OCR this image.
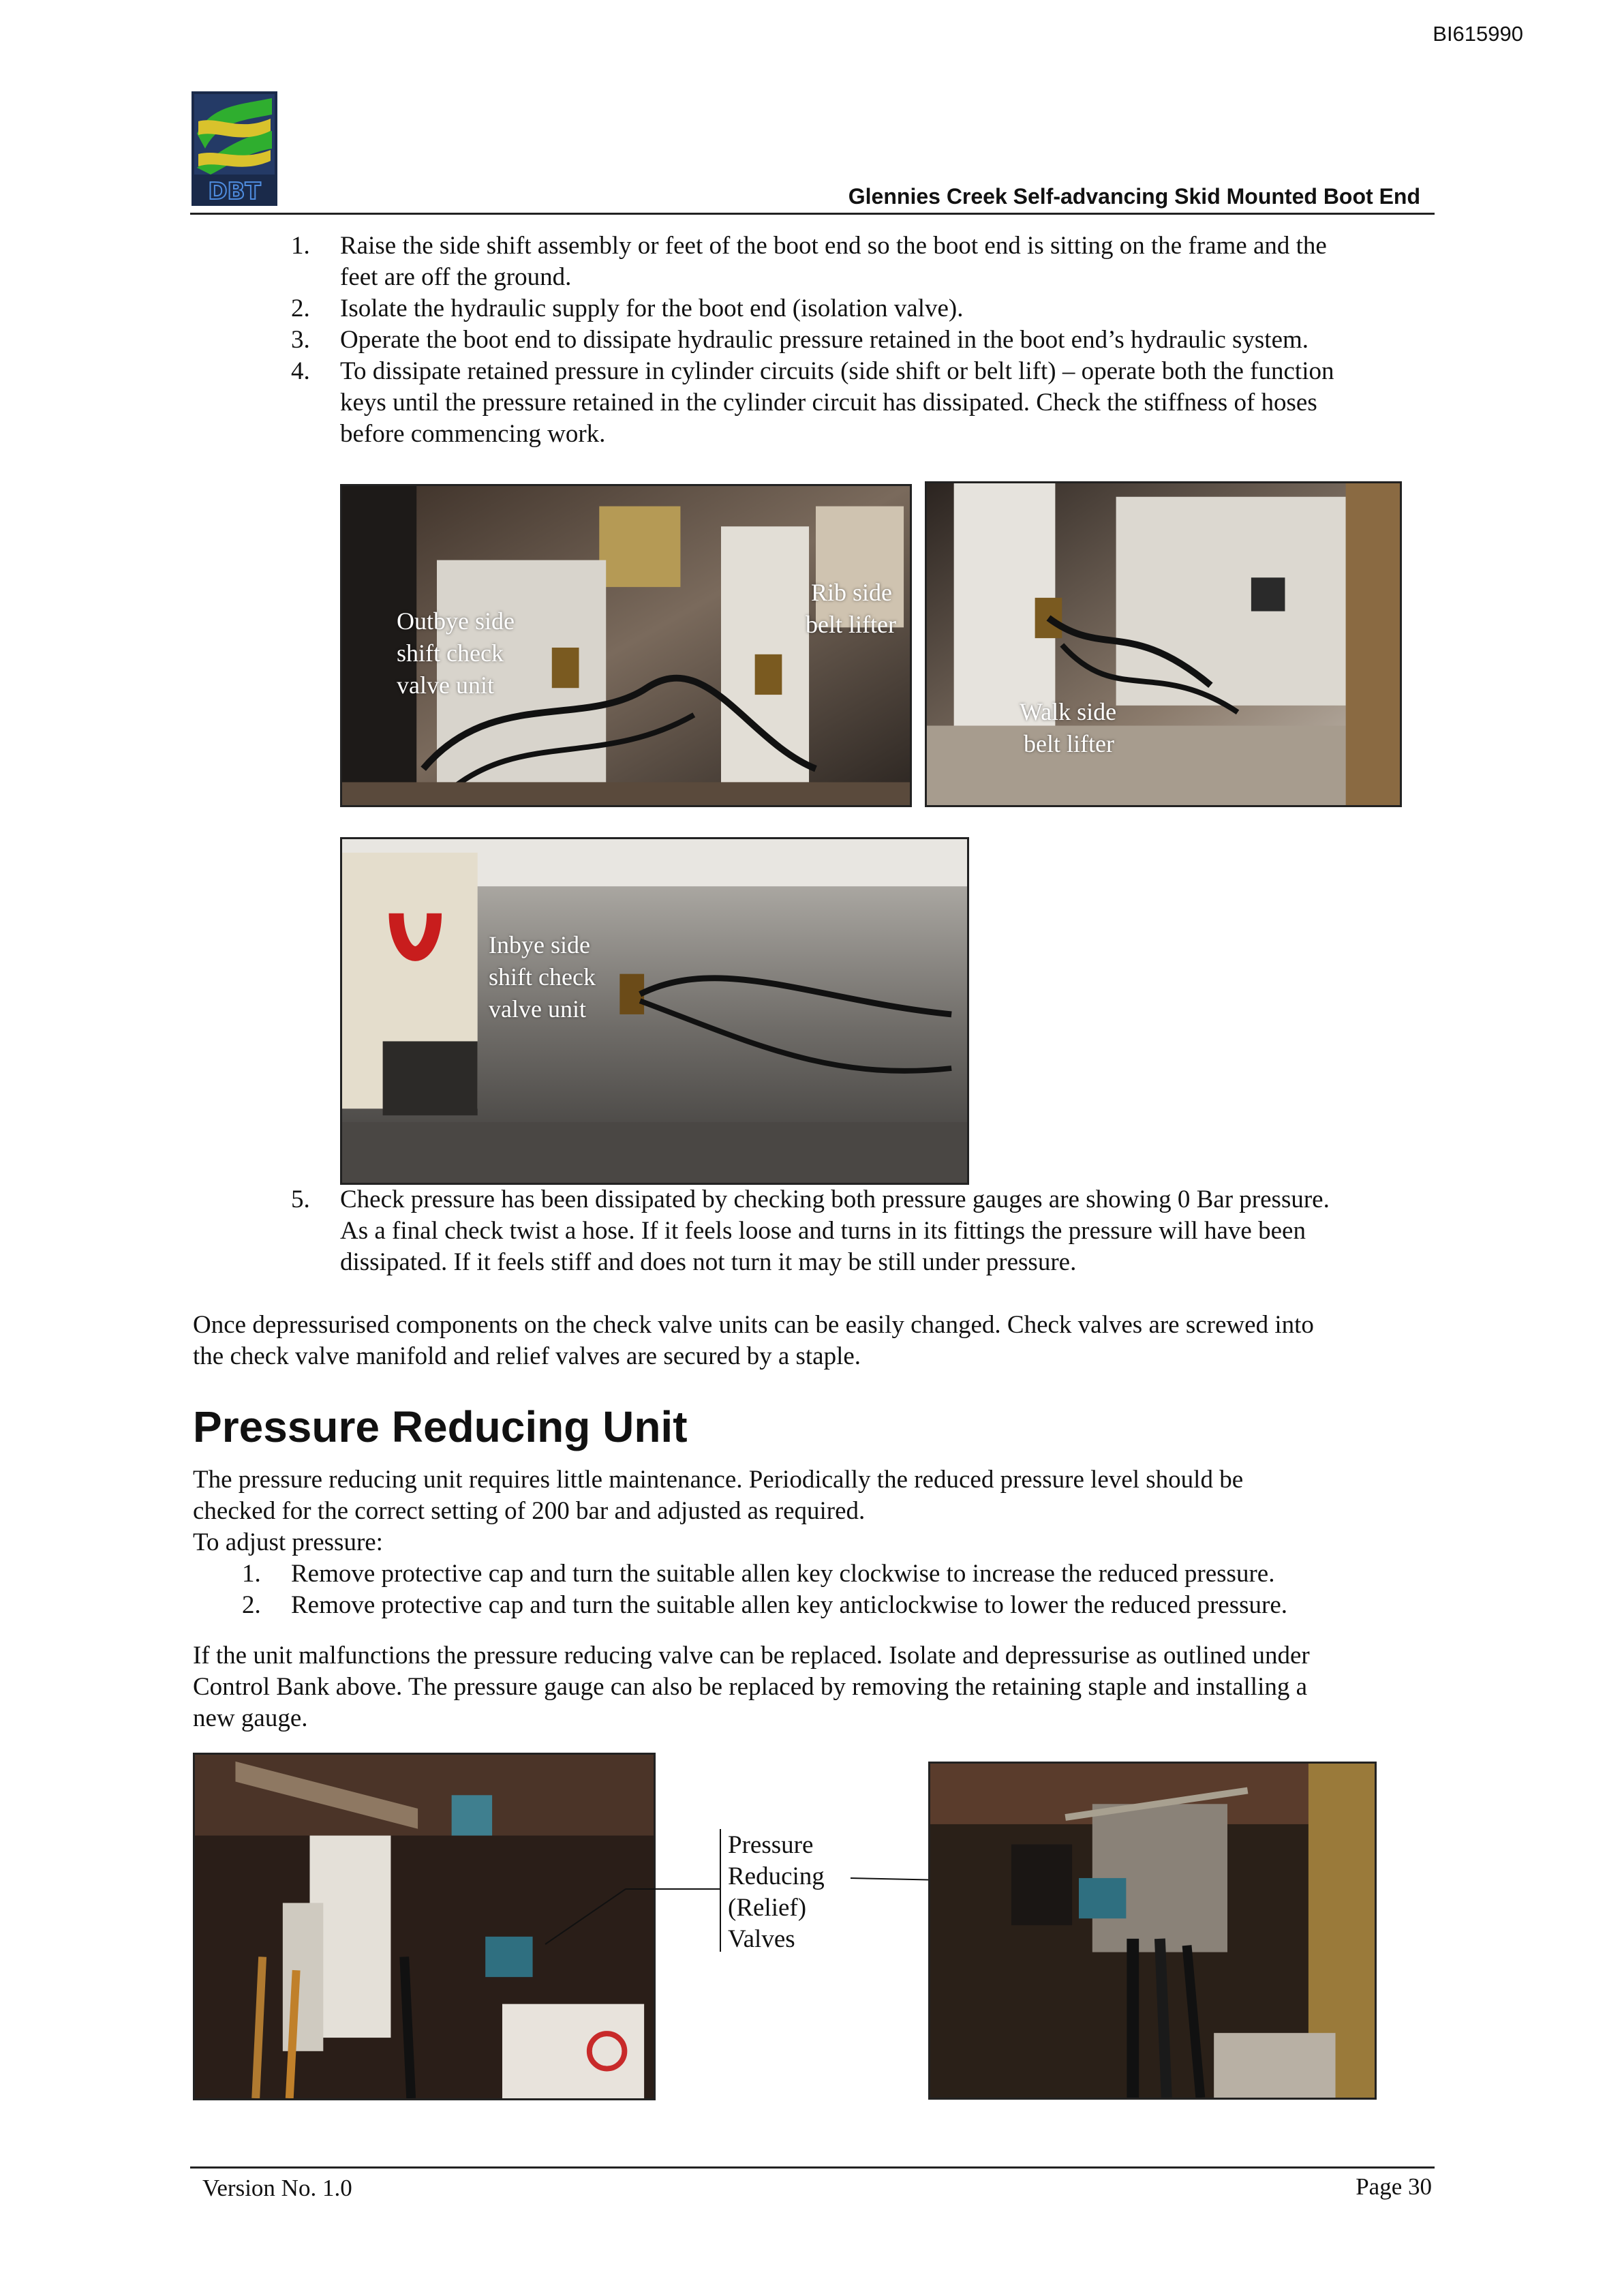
BI615990
DBT	Glennies Creek Self-advancing Skid Mounted Boot End
1. Raise the side shift assembly or feet of the boot end so the boot end is sitting on the frame and the
feet are off the ground.
2. Isolate the hydraulic supply for the boot end (isolation valve).
3. Operate the boot end to dissipate hydraulic pressure retained in the boot end’s hydraulic system.
4. To dissipate retained pressure in cylinder circuits (side shift or belt lift) – operate both the function
keys until the pressure retained in the cylinder circuit has dissipated. Check the stiffness of hoses
before commencing work.
Outbye side
shift check
valve unit
Rib side
belt lifter
Walk side
belt lifter
Inbye side
shift check
valve unit
5. Check pressure has been dissipated by checking both pressure gauges are showing 0 Bar pressure.
As a final check twist a hose. If it feels loose and turns in its fittings the pressure will have been
dissipated. If it feels stiff and does not turn it may be still under pressure.
Once depressurised components on the check valve units can be easily changed. Check valves are screwed into
the check valve manifold and relief valves are secured by a staple.
Pressure Reducing Unit
The pressure reducing unit requires little maintenance. Periodically the reduced pressure level should be
checked for the correct setting of 200 bar and adjusted as required.
To adjust pressure:
1. Remove protective cap and turn the suitable allen key clockwise to increase the reduced pressure.
2. Remove protective cap and turn the suitable allen key anticlockwise to lower the reduced pressure.
If the unit malfunctions the pressure reducing valve can be replaced. Isolate and depressurise as outlined under
Control Bank above. The pressure gauge can also be replaced by removing the retaining staple and installing a
new gauge.
Pressure
Reducing
(Relief)
Valves
Version No. 1.0	Page 30
